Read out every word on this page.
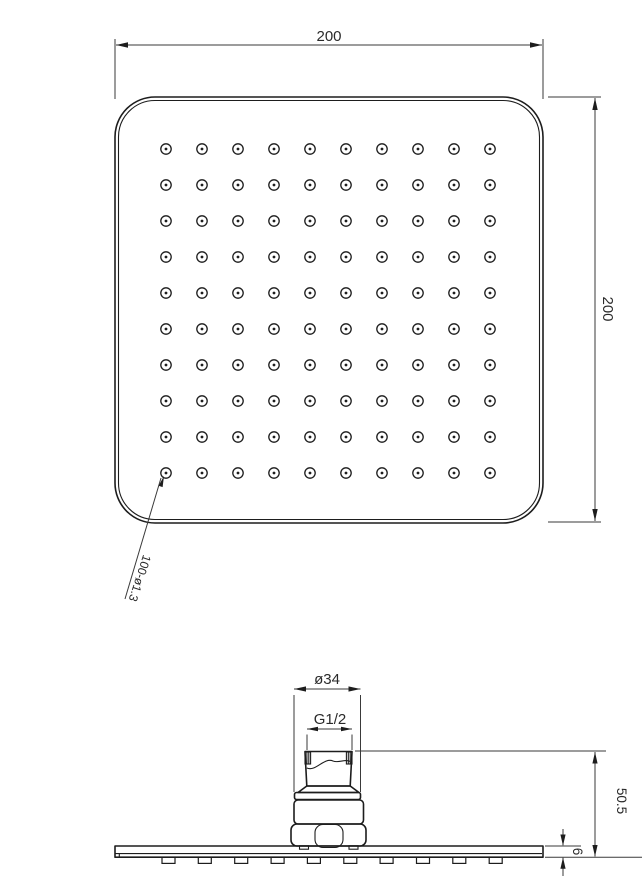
200
200
100-ø1.3
ø34
G1/2
50.5
6
